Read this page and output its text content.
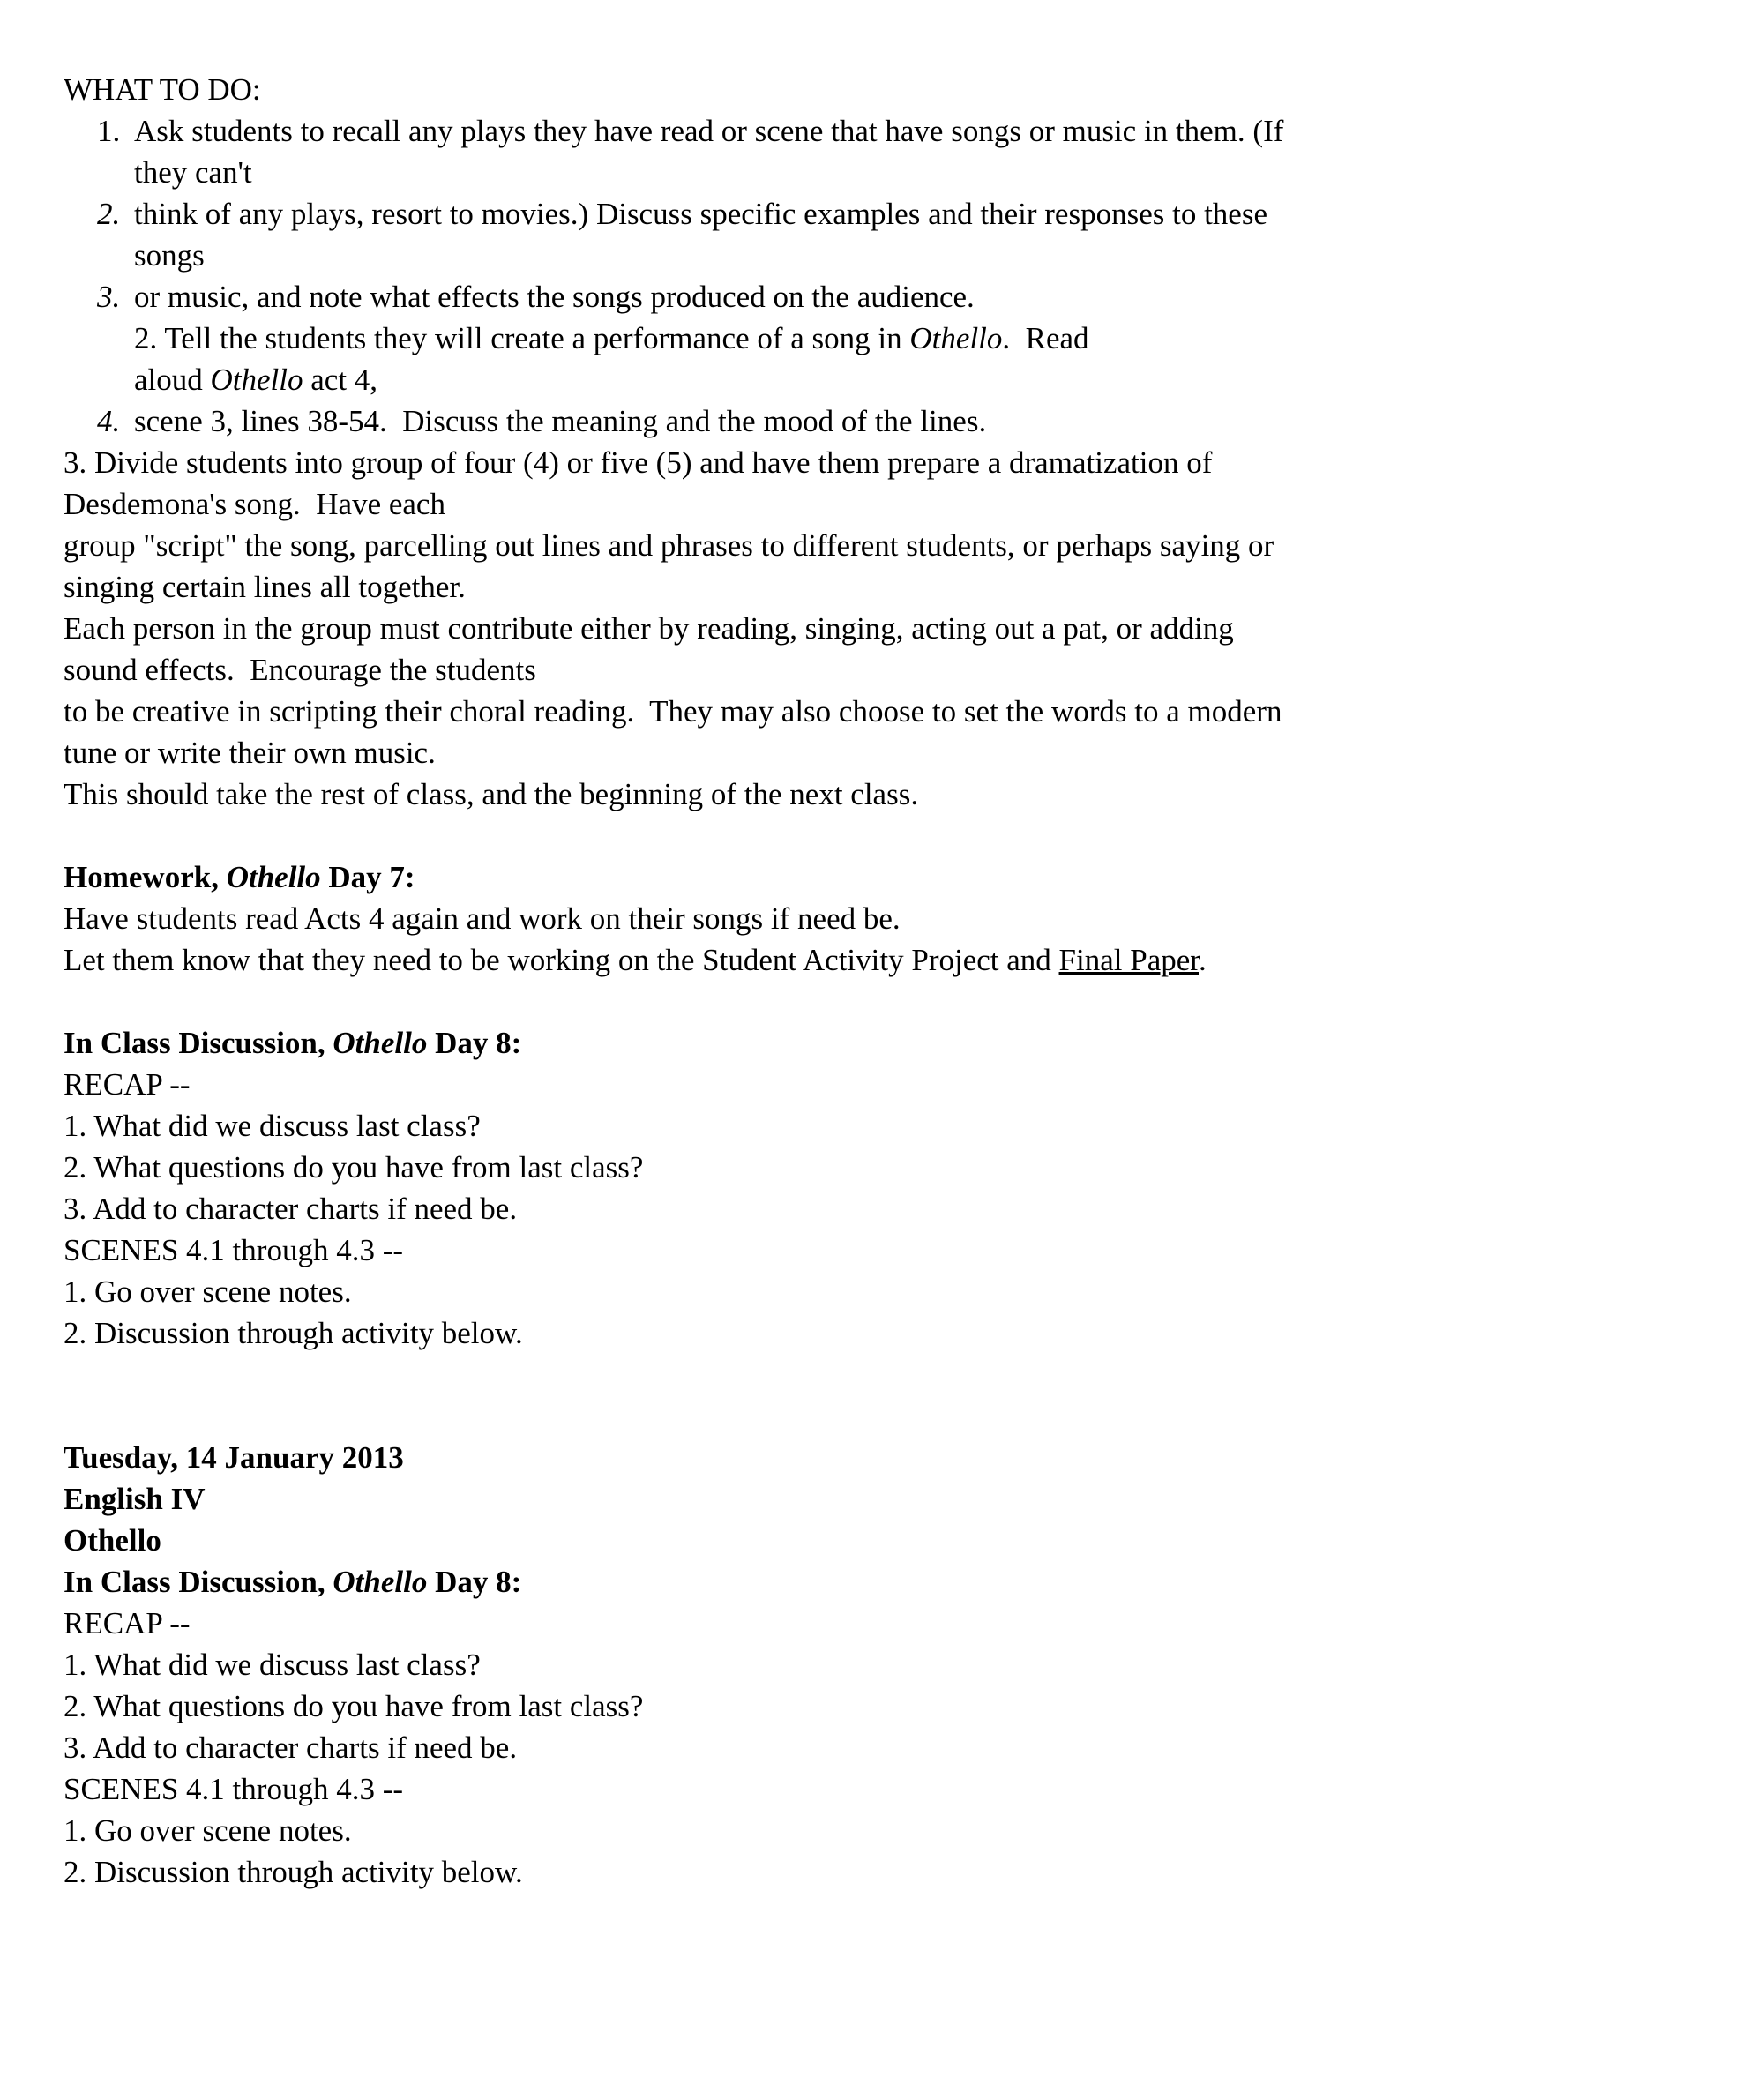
WHAT TO DO:
1. Ask students to recall any plays they have read or scene that have songs or music in them. (If
they can't
2. think of any plays, resort to movies.) Discuss specific examples and their responses to these
songs
3. or music, and note what effects the songs produced on the audience.
2. Tell the students they will create a performance of a song in Othello.  Read
aloud Othello act 4,
4. scene 3, lines 38-54.  Discuss the meaning and the mood of the lines.
3. Divide students into group of four (4) or five (5) and have them prepare a dramatization of
Desdemona's song.  Have each
group "script" the song, parcelling out lines and phrases to different students, or perhaps saying or
singing certain lines all together.
Each person in the group must contribute either by reading, singing, acting out a pat, or adding
sound effects.  Encourage the students
to be creative in scripting their choral reading.  They may also choose to set the words to a modern
tune or write their own music.
This should take the rest of class, and the beginning of the next class.
Homework, Othello Day 7:
Have students read Acts 4 again and work on their songs if need be.
Let them know that they need to be working on the Student Activity Project and Final Paper.
In Class Discussion, Othello Day 8:
RECAP --
1. What did we discuss last class?
2. What questions do you have from last class?
3. Add to character charts if need be.
SCENES 4.1 through 4.3 --
1. Go over scene notes.
2. Discussion through activity below.
Tuesday, 14 January 2013
English IV
Othello
In Class Discussion, Othello Day 8:
RECAP --
1. What did we discuss last class?
2. What questions do you have from last class?
3. Add to character charts if need be.
SCENES 4.1 through 4.3 --
1. Go over scene notes.
2. Discussion through activity below.
